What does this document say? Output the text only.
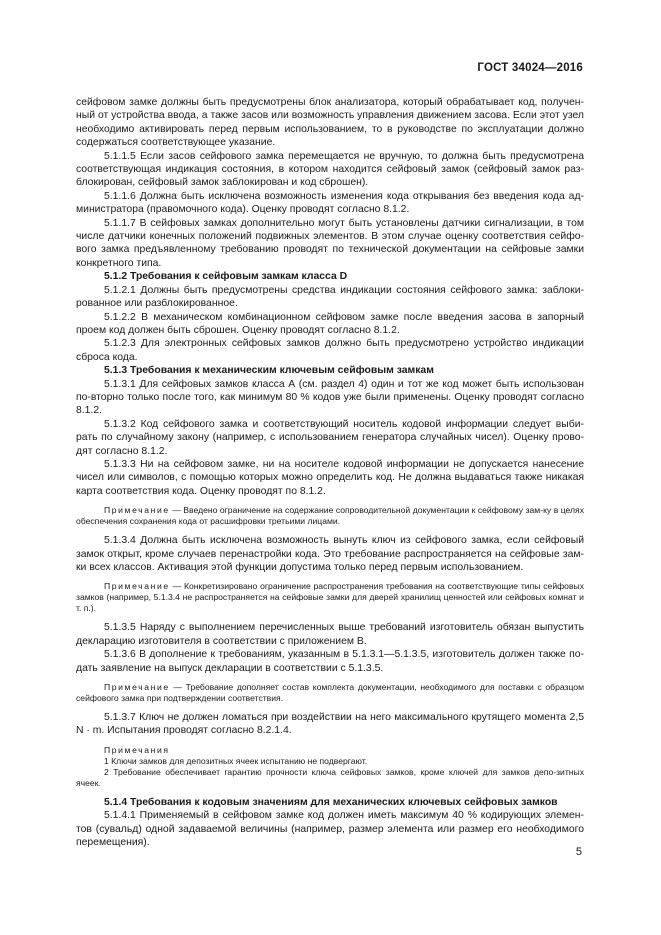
ГОСТ 34024—2016

сейфовом замке должны быть предусмотрены блок анализатора, который обрабатывает код, получен-ный от устройства ввода, а также засов или возможность управления движением засова. Если этот узел необходимо активировать перед первым использованием, то в руководстве по эксплуатации должно содержаться соответствующее указание.

5.1.1.5 Если засов сейфового замка перемещается не вручную, то должна быть предусмотрена соответствующая индикация состояния, в котором находится сейфовый замок (сейфовый замок раз-блокирован, сейфовый замок заблокирован и код сброшен).

5.1.1.6 Должна быть исключена возможность изменения кода открывания без введения кода ад-министратора (правомочного кода). Оценку проводят согласно 8.1.2.

5.1.1.7 В сейфовых замках дополнительно могут быть установлены датчики сигнализации, в том числе датчики конечных положений подвижных элементов. В этом случае оценку соответствия сейфо-вого замка предъявленному требованию проводят по технической документации на сейфовые замки конкретного типа.

5.1.2 Требования к сейфовым замкам класса D

5.1.2.1 Должны быть предусмотрены средства индикации состояния сейфового замка: заблоки-рованное или разблокированное.

5.1.2.2 В механическом комбинационном сейфовом замке после введения засова в запорный проем код должен быть сброшен. Оценку проводят согласно 8.1.2.

5.1.2.3 Для электронных сейфовых замков должно быть предусмотрено устройство индикации сброса кода.

5.1.3 Требования к механическим ключевым сейфовым замкам

5.1.3.1 Для сейфовых замков класса А (см. раздел 4) один и тот же код может быть использован по-вторно только после того, как минимум 80 % кодов уже были применены. Оценку проводят согласно 8.1.2.

5.1.3.2 Код сейфового замка и соответствующий носитель кодовой информации следует выби-рать по случайному закону (например, с использованием генератора случайных чисел). Оценку прово-дят согласно 8.1.2.

5.1.3.3 Ни на сейфовом замке, ни на носителе кодовой информации не допускается нанесение чисел или символов, с помощью которых можно определить код. Не должна выдаваться также никакая карта соответствия кода. Оценку проводят по 8.1.2.

Примечание — Введено ограничение на содержание сопроводительной документации к сейфовому зам-ку в целях обеспечения сохранения кода от расшифровки третьими лицами.

5.1.3.4 Должна быть исключена возможность вынуть ключ из сейфового замка, если сейфовый замок открыт, кроме случаев перенастройки кода. Это требование распространяется на сейфовые зам-ки всех классов. Активация этой функции допустима только перед первым использованием.

Примечание — Конкретизировано ограничение распространения требования на соответствующие типы сейфовых замков (например, 5.1.3.4 не распространяется на сейфовые замки для дверей хранилищ ценностей или сейфовых комнат и т. п.).

5.1.3.5 Наряду с выполнением перечисленных выше требований изготовитель обязан выпустить декларацию изготовителя в соответствии с приложением В.

5.1.3.6 В дополнение к требованиям, указанным в 5.1.3.1—5.1.3.5, изготовитель должен также по-дать заявление на выпуск декларации в соответствии с 5.1.3.5.

Примечание — Требование дополняет состав комплекта документации, необходимого для поставки с образцом сейфового замка при подтверждении соответствия.

5.1.3.7 Ключ не должен ломаться при воздействии на него максимального крутящего момента 2,5 N · m. Испытания проводят согласно 8.2.1.4.

Примечания

1 Ключи замков для депозитных ячеек испытанию не подвергают.

2 Требование обеспечивает гарантию прочности ключа сейфовых замков, кроме ключей для замков депо-зитных ячеек.

5.1.4 Требования к кодовым значениям для механических ключевых сейфовых замков

5.1.4.1 Применяемый в сейфовом замке код должен иметь максимум 40 % кодирующих элемен-тов (сувальд) одной задаваемой величины (например, размер элемента или размер его необходимого перемещения).

5
